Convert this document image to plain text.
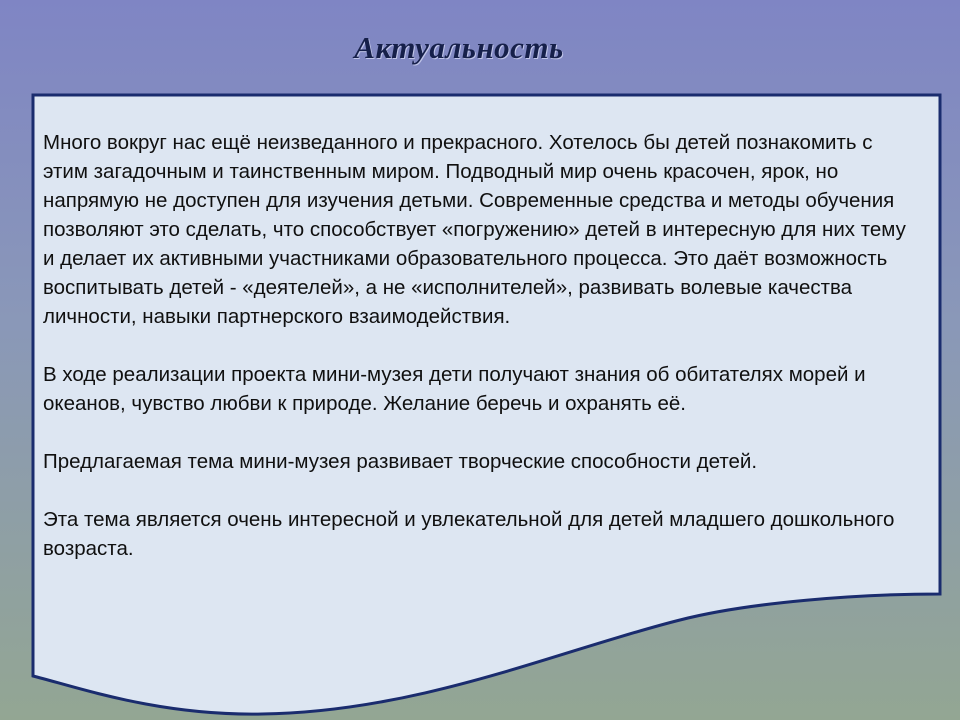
Актуальность

Много вокруг нас ещё неизведанного и прекрасного. Хотелось бы детей познакомить с этим загадочным и таинственным миром. Подводный мир очень красочен, ярок, но напрямую не доступен для изучения детьми. Современные средства и методы обучения позволяют это сделать, что способствует «погружению» детей в интересную для них тему и делает их активными участниками образовательного процесса. Это даёт возможность воспитывать детей - «деятелей», а не «исполнителей», развивать волевые качества личности, навыки партнерского взаимодействия.

В ходе реализации проекта мини-музея дети получают знания об обитателях морей и океанов, чувство любви к природе. Желание беречь и охранять её.

Предлагаемая тема мини-музея развивает творческие способности детей.

Эта тема является очень интересной и увлекательной для детей младшего дошкольного возраста.
